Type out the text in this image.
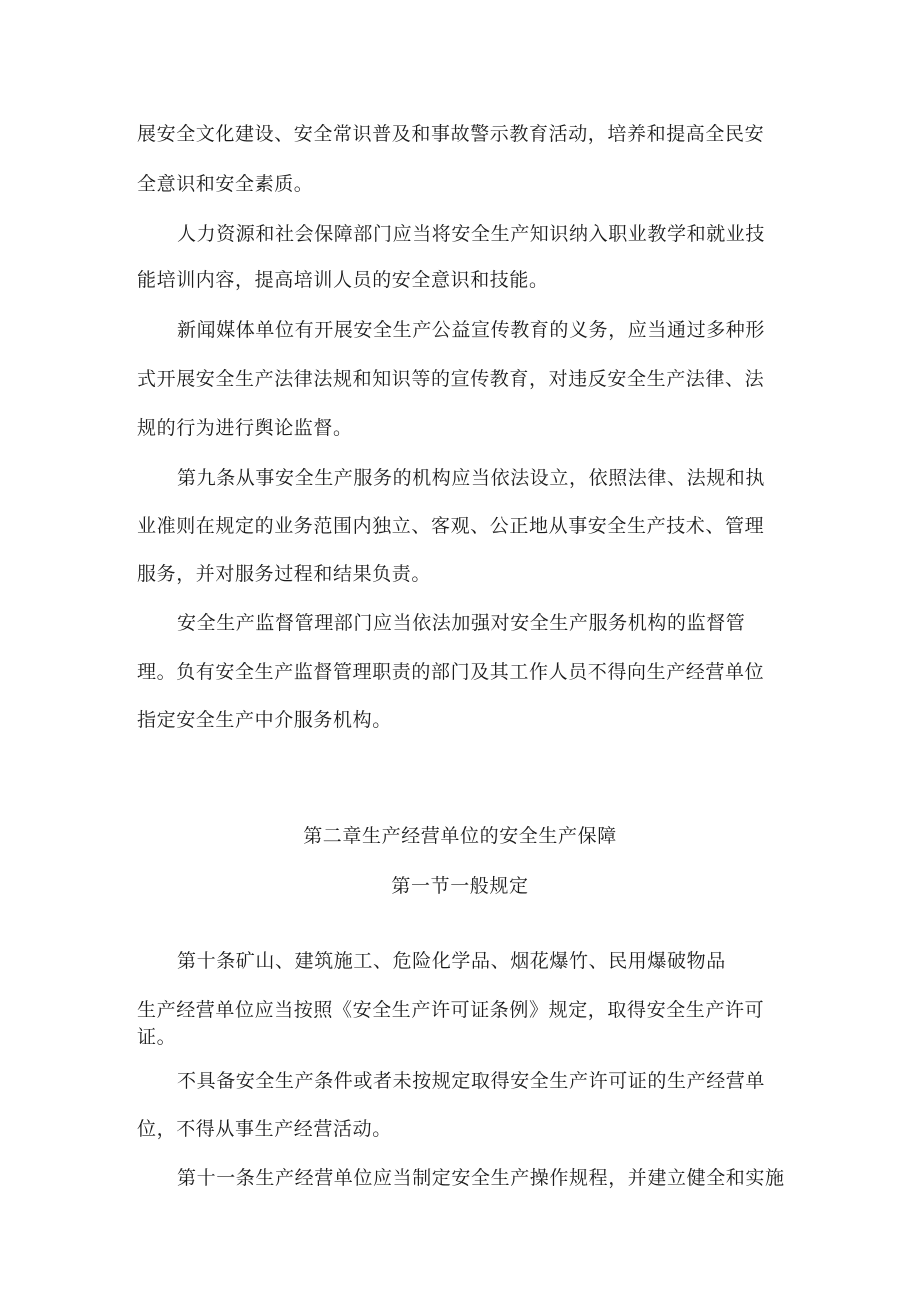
展安全文化建设、安全常识普及和事故警示教育活动，培养和提高全民安
全意识和安全素质。
人力资源和社会保障部门应当将安全生产知识纳入职业教学和就业技
能培训内容，提高培训人员的安全意识和技能。
新闻媒体单位有开展安全生产公益宣传教育的义务，应当通过多种形
式开展安全生产法律法规和知识等的宣传教育，对违反安全生产法律、法
规的行为进行舆论监督。
第九条从事安全生产服务的机构应当依法设立，依照法律、法规和执
业准则在规定的业务范围内独立、客观、公正地从事安全生产技术、管理
服务，并对服务过程和结果负责。
安全生产监督管理部门应当依法加强对安全生产服务机构的监督管
理。负有安全生产监督管理职责的部门及其工作人员不得向生产经营单位
指定安全生产中介服务机构。
第二章生产经营单位的安全生产保障
第一节一般规定
第十条矿山、建筑施工、危险化学品、烟花爆竹、民用爆破物品
生产经营单位应当按照《安全生产许可证条例》规定，取得安全生产许可
证。
不具备安全生产条件或者未按规定取得安全生产许可证的生产经营单
位，不得从事生产经营活动。
第十一条生产经营单位应当制定安全生产操作规程，并建立健全和实施
